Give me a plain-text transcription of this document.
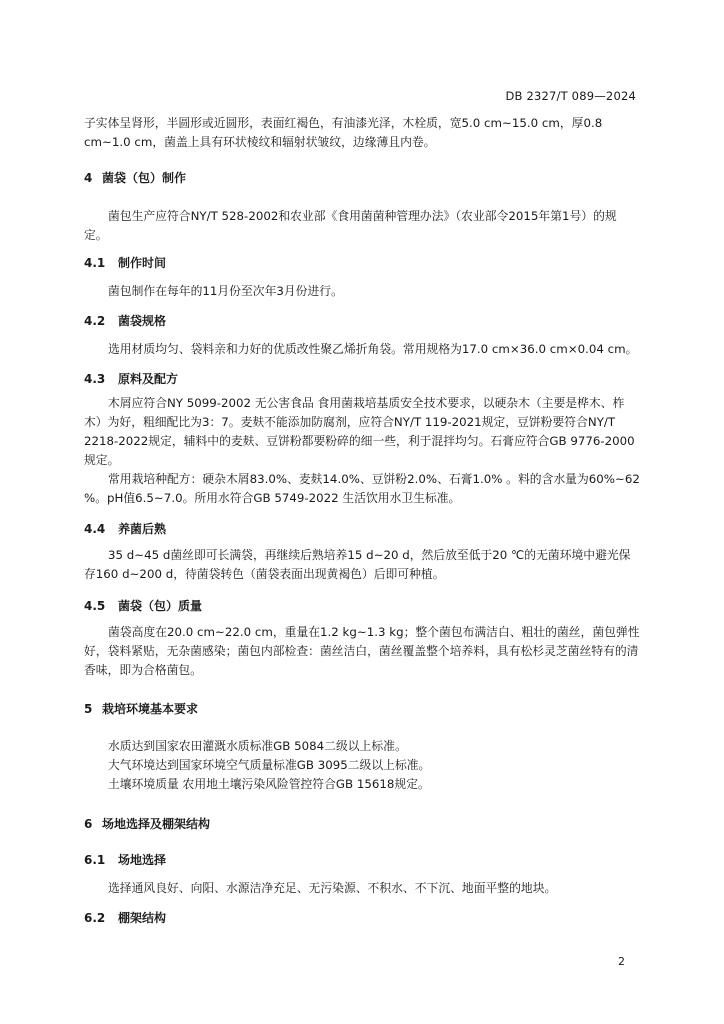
DB 2327/T 089—2024
子实体呈肾形，半圆形或近圆形，表面红褐色，有油漆光泽，木栓质，宽5.0 cm~15.0 cm，厚0.8 cm~1.0 cm，菌盖上具有环状棱纹和辐射状皱纹，边缘薄且内卷。
4 菌袋（包）制作
菌包生产应符合NY/T 528-2002和农业部《食用菌菌种管理办法》（农业部令2015年第1号）的规定。
4.1 制作时间
菌包制作在每年的11月份至次年3月份进行。
4.2 菌袋规格
选用材质均匀、袋料亲和力好的优质改性聚乙烯折角袋。常用规格为17.0 cm×36.0 cm×0.04 cm。
4.3 原料及配方
木屑应符合NY 5099-2002 无公害食品 食用菌栽培基质安全技术要求，以硬杂木（主要是桦木、柞木）为好，粗细配比为3：7。麦麸不能添加防腐剂，应符合NY/T 119-2021规定，豆饼粉要符合NY/T 2218-2022规定，辅料中的麦麸、豆饼粉都要粉碎的细一些，利于混拌均匀。石膏应符合GB 9776-2000规定。
常用栽培种配方：硬杂木屑83.0%、麦麸14.0%、豆饼粉2.0%、石膏1.0% 。料的含水量为60%~62 %。pH值6.5~7.0。所用水符合GB 5749-2022 生活饮用水卫生标准。
4.4 养菌后熟
35 d~45 d菌丝即可长满袋，再继续后熟培养15 d~20 d，然后放至低于20 ℃的无菌环境中避光保存160 d~200 d，待菌袋转色（菌袋表面出现黄褐色）后即可种植。
4.5 菌袋（包）质量
菌袋高度在20.0 cm~22.0 cm，重量在1.2 kg~1.3 kg；整个菌包布满洁白、粗壮的菌丝，菌包弹性好，袋料紧贴，无杂菌感染；菌包内部检查：菌丝洁白，菌丝覆盖整个培养料，具有松杉灵芝菌丝特有的清香味，即为合格菌包。
5 栽培环境基本要求
水质达到国家农田灌溉水质标准GB 5084二级以上标准。
大气环境达到国家环境空气质量标准GB 3095二级以上标准。
土壤环境质量 农用地土壤污染风险管控符合GB 15618规定。
6 场地选择及棚架结构
6.1 场地选择
选择通风良好、向阳、水源洁净充足、无污染源、不积水、不下沉、地面平整的地块。
6.2 棚架结构
2
